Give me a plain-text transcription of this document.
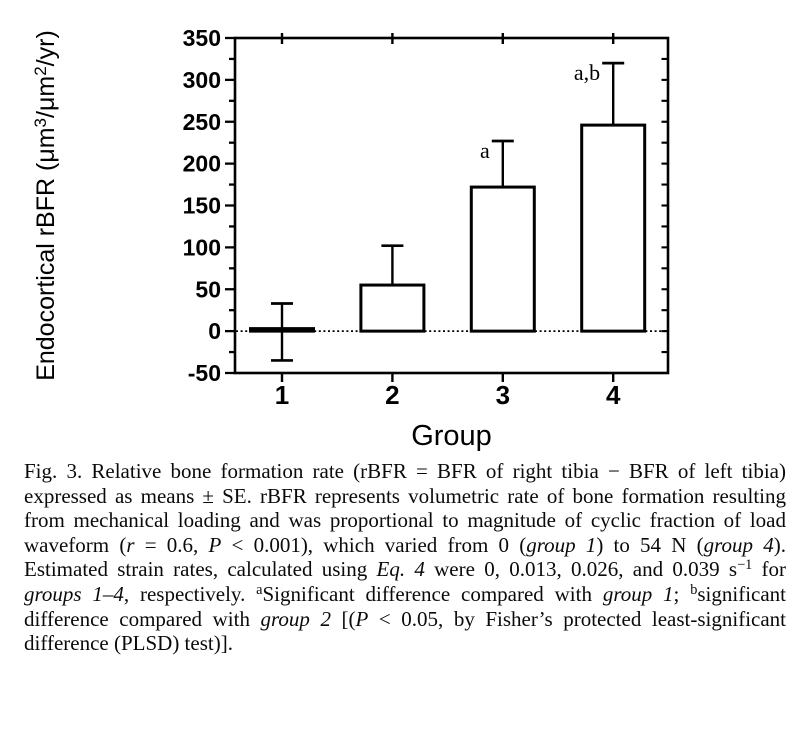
-50
0
50
100
150
200
250
300
350
1	2	3	4
a
a,b
Group
Endocortical rBFR $(\mu m^3/\mu m^2/yr)$
Fig. 3. Relative bone formation rate (rBFR = BFR of right tibia − BFR of left tibia) expressed as means ± SE. rBFR represents volumetric rate of bone formation resulting from mechanical loading and was proportional to magnitude of cyclic fraction of load waveform (r = 0.6, P < 0.001), which varied from 0 (group 1) to 54 N (group 4). Estimated strain rates, calculated using Eq. 4 were 0, 0.013, 0.026, and 0.039 $s^{-1}$ for groups 1–4, respectively. $^a$Significant difference compared with group 1; $^b$significant difference compared with group 2 [(P < 0.05, by Fisher’s protected least-significant difference (PLSD) test)].
